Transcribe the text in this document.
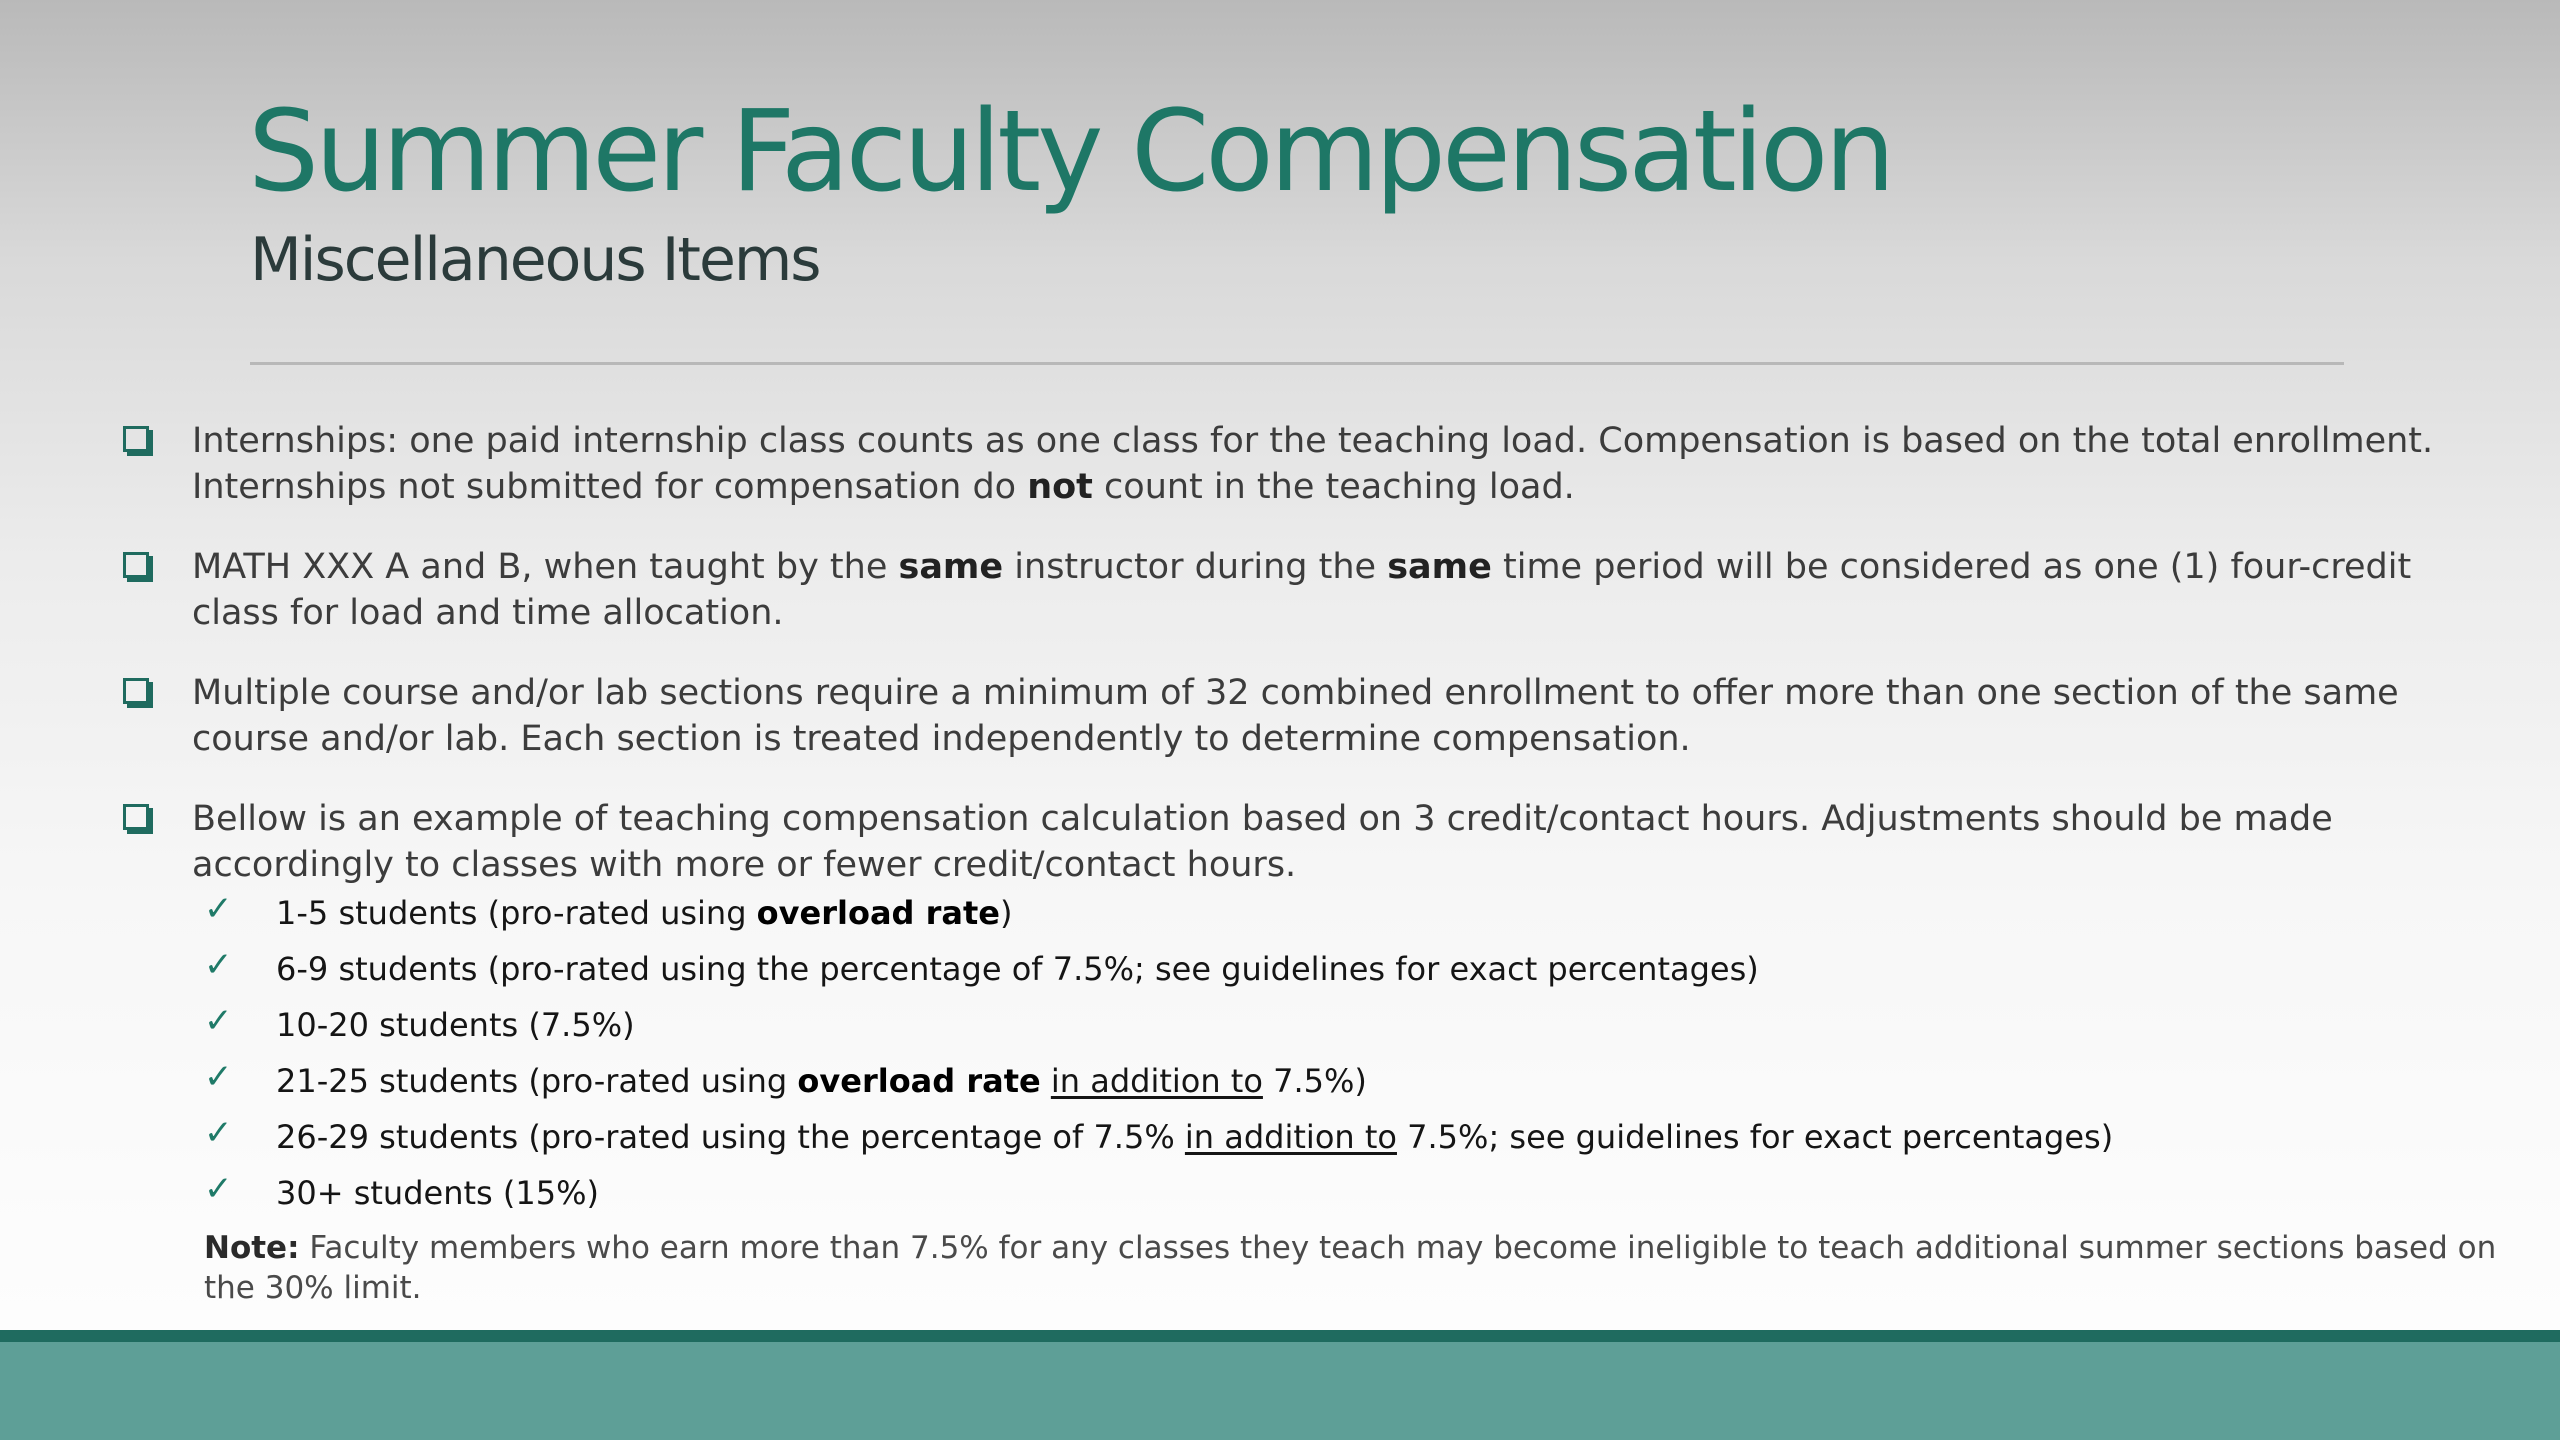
Summer Faculty Compensation
Miscellaneous Items
Internships: one paid internship class counts as one class for the teaching load. Compensation is based on the total enrollment. Internships not submitted for compensation do not count in the teaching load.
MATH XXX A and B, when taught by the same instructor during the same time period will be considered as one (1) four-credit class for load and time allocation.
Multiple course and/or lab sections require a minimum of 32 combined enrollment to offer more than one section of the same course and/or lab. Each section is treated independently to determine compensation.
Bellow is an example of teaching compensation calculation based on 3 credit/contact hours. Adjustments should be made accordingly to classes with more or fewer credit/contact hours.
✓ 1-5 students (pro-rated using overload rate)
✓ 6-9 students (pro-rated using the percentage of 7.5%; see guidelines for exact percentages)
✓ 10-20 students (7.5%)
✓ 21-25 students (pro-rated using overload rate in addition to 7.5%)
✓ 26-29 students (pro-rated using the percentage of 7.5% in addition to 7.5%; see guidelines for exact percentages)
✓ 30+ students (15%)
Note: Faculty members who earn more than 7.5% for any classes they teach may become ineligible to teach additional summer sections based on the 30% limit.
